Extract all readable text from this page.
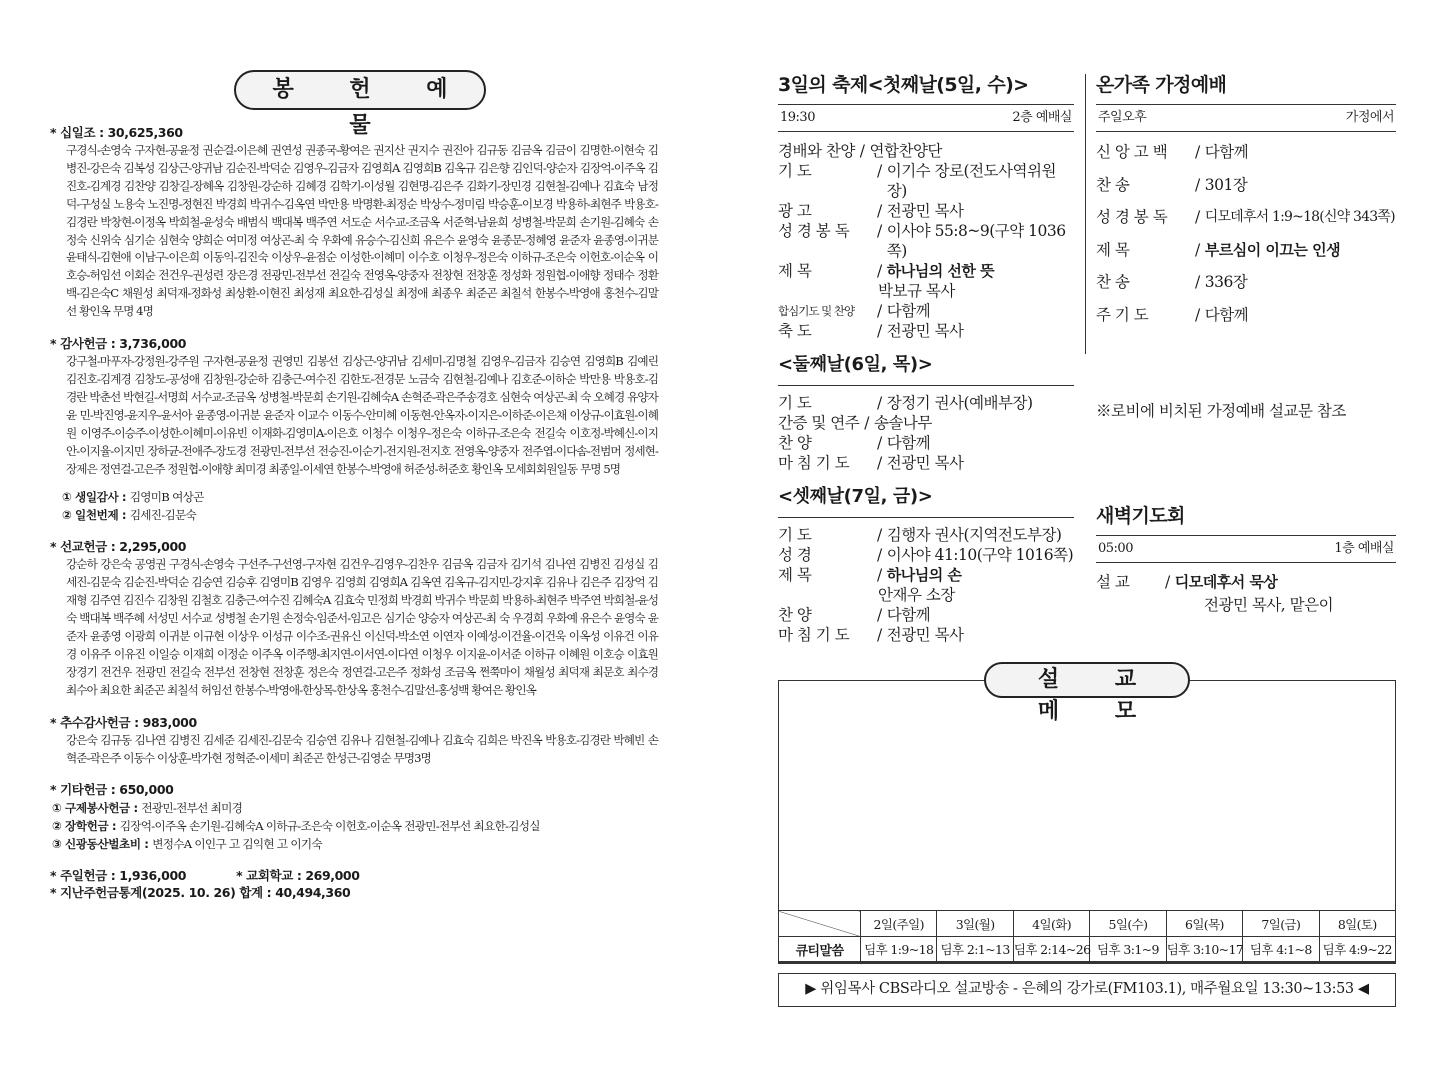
봉 헌 예 물
* 십일조 : 30,625,360
구경식-손영숙 구자현-공윤정 권순걸-이은혜 권연성 권종국-황여은 권지산 권지수 권진아 김규동 김금옥 김금이 김명한-이현숙 김병진-강은숙 김복성 김상근-양귀남 김순진-박덕순 김영우-김금자 김영희A 김영희B 김옥규 김은향 김인덕-양순자 김장억-이주옥 김진호-김계경 김찬양 김창길-장혜옥 김창원-강순하 김혜경 김학기-이성월 김현명-김은주 김화기-장민경 김현철-김예나 김효숙 남정덕-구성실 노용숙 노진명-정현진 박경희 박귀수-김옥연 박만용 박명환-최정순 박상수-정미림 박승훈-이보경 박용하-최현주 박용호-김경란 박창현-이정옥 박희철-윤성숙 배범식 백대복 백주연 서도순 서수교-조금옥 서준혁-남윤희 성병철-박문희 손기원-김혜숙 손정숙 신위숙 심기순 심현숙 양희순 여미정 여상곤-최 숙 우화예 유승수-김신희 유은수 윤영숙 윤종문-정혜영 윤준자 윤종영-이귀분 윤태식-김현애 이남구-이은희 이동익-김진숙 이상우-윤점순 이성한-이혜미 이수호 이청우-정은숙 이하규-조은숙 이헌호-이순옥 이호승-허임선 이회순 전건우-권성련 장은경 전광민-전부선 전길숙 전영옥-양중자 전창현 전창훈 정성화 정원협-이애향 정태수 정환백-김은숙C 채원성 최덕재-정화성 최상환-이현진 최성재 최요한-김성실 최정애 최종우 최준곤 최칠석 한봉수-박영애 홍천수-김말선 황인옥 무명 4명
* 감사헌금 : 3,736,000
강구철-마푸자-강정원-강주원 구자현-공윤정 권영민 김봉선 김상근-양귀남 김세미-김명철 김영우-김금자 김승연 김영희B 김예린 김진호-김계경 김창도-공성애 김창원-강순하 김충근-여수진 김한도-전경문 노금숙 김현철-김예나 김호준-이하순 박만용 박용호-김경란 박춘선 박현길-서명희 서수교-조금옥 성병철-박문희 손기원-김혜숙A 손혁준-곽은주송경호 심현숙 여상곤-최 숙 오혜경 유양자 윤 민-박진영-윤지우-윤서아 윤종영-이귀분 윤준자 이교수 이동수-안미혜 이동현-안옥자-이지은-이하준-이은채 이상규-이효원-이혜원 이영주-이승주-이성한-이혜미-이유빈 이재화-김영미A-이은호 이청수 이청우-정은숙 이하규-조은숙 전길숙 이호정-박혜신-이지안-이지율-이지민 장하균-전애주-장도경 전광민-전부선 전승진-이순기-전지원-전지호 전영옥-양중자 전주엽-이다솜-전범머 정세현-장제은 정연걸-고은주 정원협-이애향 최미경 최종일-이세연 한봉수-박영애 허준성-허준호 황인옥 모세회회원일동 무명 5명
① 생일감사 : 김영미B 여상곤
② 일천번제 : 김세진-김문숙
* 선교헌금 : 2,295,000
강순하 강은숙 공영권 구경식-손영숙 구선주-구선영-구자현 김건우-김영우-김찬우 김금옥 김금자 김기석 김나연 김병진 김성실 김세진-김문숙 김순진-박덕순 김승연 김승후 김영미B 김영우 김영희 김영희A 김옥연 김옥규-김지민-강지후 김유나 김은주 김장억 김재형 김주연 김진수 김창원 김철호 김충근-여수진 김혜숙A 김효숙 민정희 박경희 박귀수 박문희 박용하-최현주 박주연 박희철-윤성숙 백대복 백주혜 서성민 서수교 성병철 손기원 손정숙-임준서-임고은 심기순 양승자 여상곤-최 숙 우경희 우화예 유은수 윤영숙 윤준자 윤종영 이광희 이귀분 이규현 이상우 이성규 이수조-권유신 이신덕-박소연 이연자 이예성-이건율-이건욱 이옥성 이유건 이유경 이유주 이유진 이일승 이재희 이정순 이주옥 이주행-최지연-이서연-이다연 이청우 이지윤-이서준 이하규 이혜원 이호승 이효원 장경기 전건우 전광민 전길숙 전부선 전창현 전창훈 정은숙 정연걸-고은주 정화성 조금옥 쩐쭉마이 채월성 최덕재 최문호 최수경 최수아 최요한 최준곤 최칠석 허임선 한봉수-박영애-한상목-한상옥 홍천수-김말선-홍성백 황여은 황인옥
* 추수감사헌금 : 983,000
강은숙 김규동 김나연 김병진 김세준 김세진-김문숙 김승연 김유나 김현철-김예나 김효숙 김희은 박진옥 박용호-김경란 박혜빈 손혁준-곽은주 이동수 이상훈-박가현 정혁준-이세미 최준곤 한성근-김영순 무명3명
* 기타헌금 : 650,000
① 구제봉사헌금 : 전광민-전부선 최미경
② 장학헌금 : 김장억-이주옥 손기원-김혜숙A 이하규-조은숙 이헌호-이순옥 전광민-전부선 최요한-김성실
③ 신광동산벌초비 : 변정수A 이인구 고 김익현 고 이기숙
* 주일헌금 : 1,936,000	* 교회학교 : 269,000
* 지난주헌금통계(2025. 10. 26) 합계 : 40,494,360
3일의 축제<첫째날(5일, 수)>
19:30	2층 예배실
경배와 찬양 / 연합찬양단
기 도	/ 이기수 장로(전도사역위원장)
광 고	/ 전광민 목사
성 경 봉 독	/ 이사야 55:8~9(구약 1036쪽)
제 목	/ 하나님의 선한 뜻
박보규 목사
합심기도 및 찬양	/ 다함께
축 도	/ 전광민 목사
<둘째날(6일, 목)>
기 도	/ 장정기 권사(예배부장)
간증 및 연주 / 송솔나무
찬 양	/ 다함께
마 침 기 도	/ 전광민 목사
<셋째날(7일, 금)>
기 도	/ 김행자 권사(지역전도부장)
성 경	/ 이사야 41:10(구약 1016쪽)
제 목	/ 하나님의 손
안재우 소장
찬 양	/ 다함께
마 침 기 도	/ 전광민 목사
온가족 가정예배
주일오후	가정에서
신 앙 고 백	/ 다함께
찬 송	/ 301장
성 경 봉 독	/ 디모데후서 1:9~18(신약 343쪽)
제 목	/ 부르심이 이끄는 인생
찬 송	/ 336장
주 기 도	/ 다함께
※로비에 비치된 가정예배 설교문 참조
새벽기도회
05:00	1층 예배실
설 교	/ 디모데후서 묵상
전광민 목사, 맡은이
설 교 메 모
	2일(주일)	3일(월)	4일(화)	5일(수)	6일(목)	7일(금)	8일(토)
큐티말씀	딤후 1:9~18	딤후 2:1~13	딤후 2:14~26	딤후 3:1~9	딤후 3:10~17	딤후 4:1~8	딤후 4:9~22
▶ 위임목사 CBS라디오 설교방송 - 은혜의 강가로(FM103.1), 매주월요일 13:30~13:53 ◀
